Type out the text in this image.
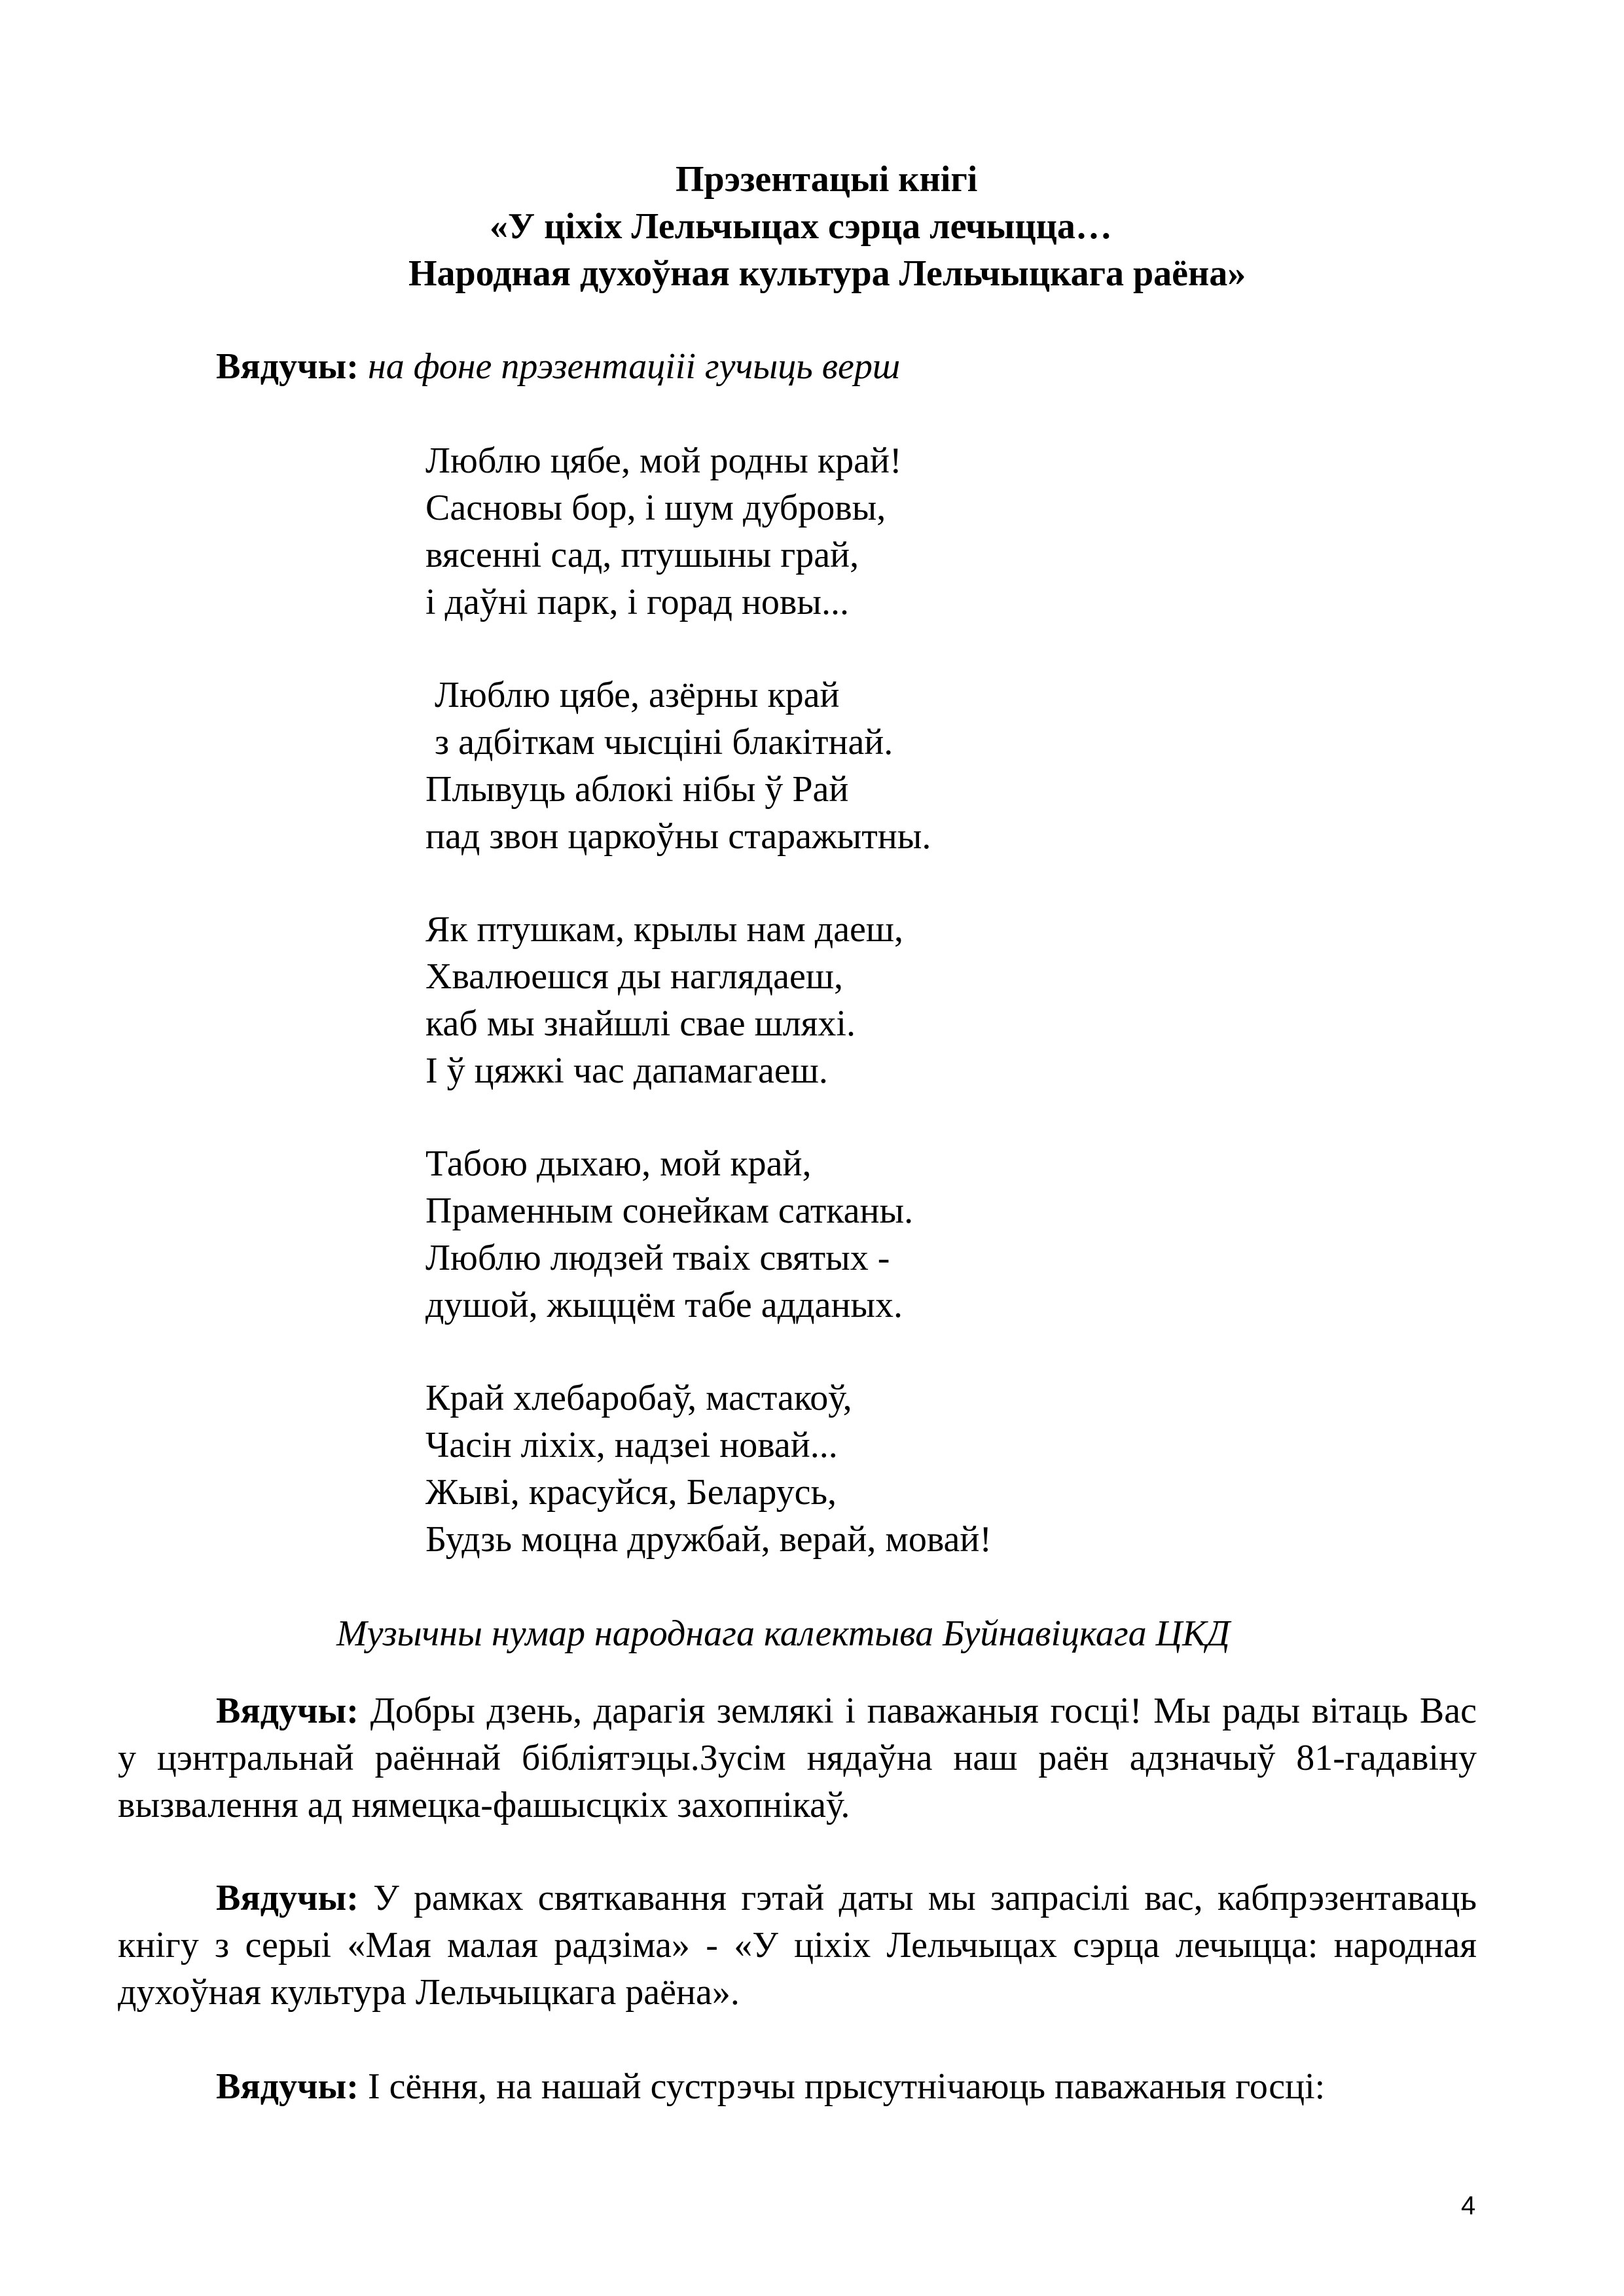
Прэзентацыі кнігі
«У ціхіх Лельчыцах сэрца лечыцца…
Народная духоўная культура Лельчыцкага раёна»
Вядучы: на фоне прэзентацііі гучыць верш
Люблю цябе, мой родны край!
Сасновы бор, і шум дубровы,
вясенні сад, птушыны грай,
і даўні парк, і горад новы...
Люблю цябе, азёрны край
з адбіткам чысціні блакітнай.
Плывуць аблокі нібы ў Рай
пад звон царкоўны старажытны.
Як птушкам, крылы нам даеш,
Хвалюешся ды наглядаеш,
каб мы знайшлі свае шляхі.
І ў цяжкі час дапамагаеш.
Табою дыхаю, мой край,
Праменным сонейкам сатканы.
Люблю людзей тваіх святых -
душой, жыццём табе адданых.
Край хлебаробаў, мастакоў,
Часін ліхіх, надзеі новай...
Жыві, красуйся, Беларусь,
Будзь моцна дружбай, верай, мовай!
Музычны нумар народнага калектыва Буйнавіцкага ЦКД

Вядучы: Добры дзень, дарагія землякі і паважаныя госці! Мы рады вітаць Вас у цэнтральнай раённай бібліятэцы.Зусім нядаўна наш раён адзначыў 81-гадавіну вызвалення ад нямецка-фашысцкіх захопнікаў.

Вядучы: У рамках святкавання гэтай даты мы запрасілі вас, кабпрэзентаваць кнігу з серыі «Мая малая радзіма» - «У ціхіх Лельчыцах сэрца лечыцца: народная духоўная культура Лельчыцкага раёна».

Вядучы: І сёння, на нашай сустрэчы прысутнічаюць паважаныя госці:

4
